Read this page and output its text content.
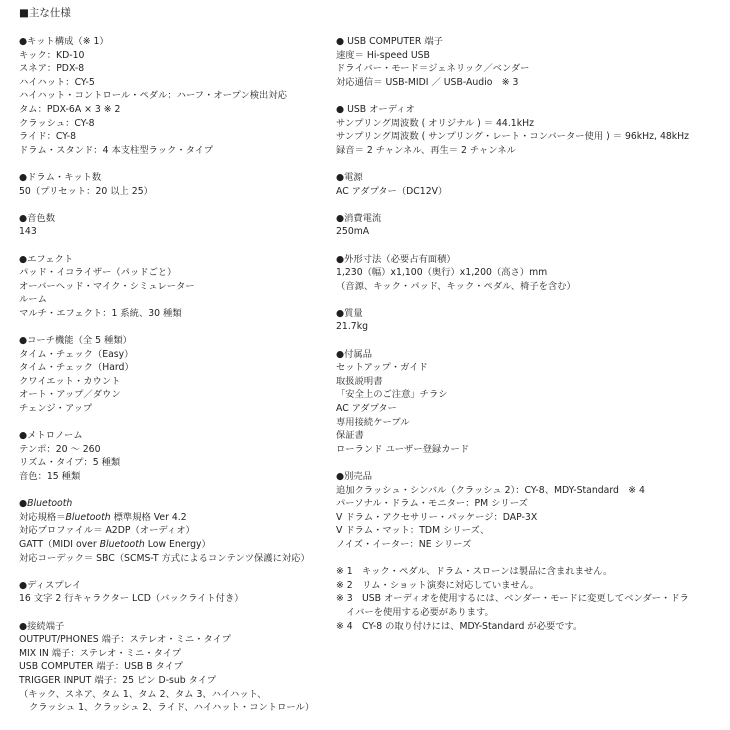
■主な仕様
●キット構成（※ 1）
キック：KD-10
スネア：PDX-8
ハイハット：CY-5
ハイハット・コントロール・ペダル：ハーフ・オープン検出対応
タム：PDX-6A × 3 ※ 2
クラッシュ：CY-8
ライド：CY-8
ドラム・スタンド：4 本支柱型ラック・タイプ
●ドラム・キット数
50（プリセット：20 以上 25）
●音色数
143
●エフェクト
パッド・イコライザー（パッドごと）
オーバーヘッド・マイク・シミュレーター
ルーム
マルチ・エフェクト：1 系統、30 種類
●コーチ機能（全 5 種類）
タイム・チェック（Easy）
タイム・チェック（Hard）
クワイエット・カウント
オート・アップ／ダウン
チェンジ・アップ
●メトロノーム
テンポ：20 ～ 260
リズム・タイプ：5 種類
音色：15 種類
●Bluetooth
対応規格＝Bluetooth 標準規格 Ver 4.2
対応プロファイル＝ A2DP（オーディオ）
GATT（MIDI over Bluetooth Low Energy）
対応コーデック＝ SBC（SCMS-T 方式によるコンテンツ保護に対応）
●ディスプレイ
16 文字 2 行キャラクター LCD（バックライト付き）
●接続端子
OUTPUT/PHONES 端子：ステレオ・ミニ・タイプ
MIX IN 端子：ステレオ・ミニ・タイプ
USB COMPUTER 端子：USB B タイプ
TRIGGER INPUT 端子：25 ピン D-sub タイプ
（キック、スネア、タム 1、タム 2、タム 3、ハイハット、
クラッシュ 1、クラッシュ 2、ライド、ハイハット・コントロール）
● USB COMPUTER 端子
速度＝ Hi-speed USB
ドライバー・モード＝ジェネリック／ベンダー
対応通信＝ USB-MIDI ／ USB-Audio　※ 3
● USB オーディオ
サンプリング周波数 ( オリジナル ) ＝ 44.1kHz
サンプリング周波数 ( サンプリング・レート・コンバーター使用 ) ＝ 96kHz, 48kHz
録音＝ 2 チャンネル、再生＝ 2 チャンネル
●電源
AC アダプター（DC12V）
●消費電流
250mA
●外形寸法（必要占有面積）
1,230（幅）x1,100（奥行）x1,200（高さ）mm
（音源、キック・パッド、キック・ペダル、椅子を含む）
●質量
21.7kg
●付属品
セットアップ・ガイド
取扱説明書
「安全上のご注意」チラシ
AC アダプター
専用接続ケーブル
保証書
ローランド ユーザー登録カード
●別売品
追加クラッシュ・シンバル（クラッシュ 2）：CY-8、MDY-Standard　※ 4
パーソナル・ドラム・モニター：PM シリーズ
V ドラム・アクセサリー・パッケージ：DAP-3X
V ドラム・マット：TDM シリーズ、
ノイズ・イーター：NE シリーズ
※ 1　キック・ペダル、ドラム・スローンは製品に含まれません。
※ 2　リム・ショット演奏に対応していません。
※ 3　USB オーディオを使用するには、ベンダー・モードに変更してベンダー・ドラ
イバーを使用する必要があります。
※ 4　CY-8 の取り付けには、MDY-Standard が必要です。
